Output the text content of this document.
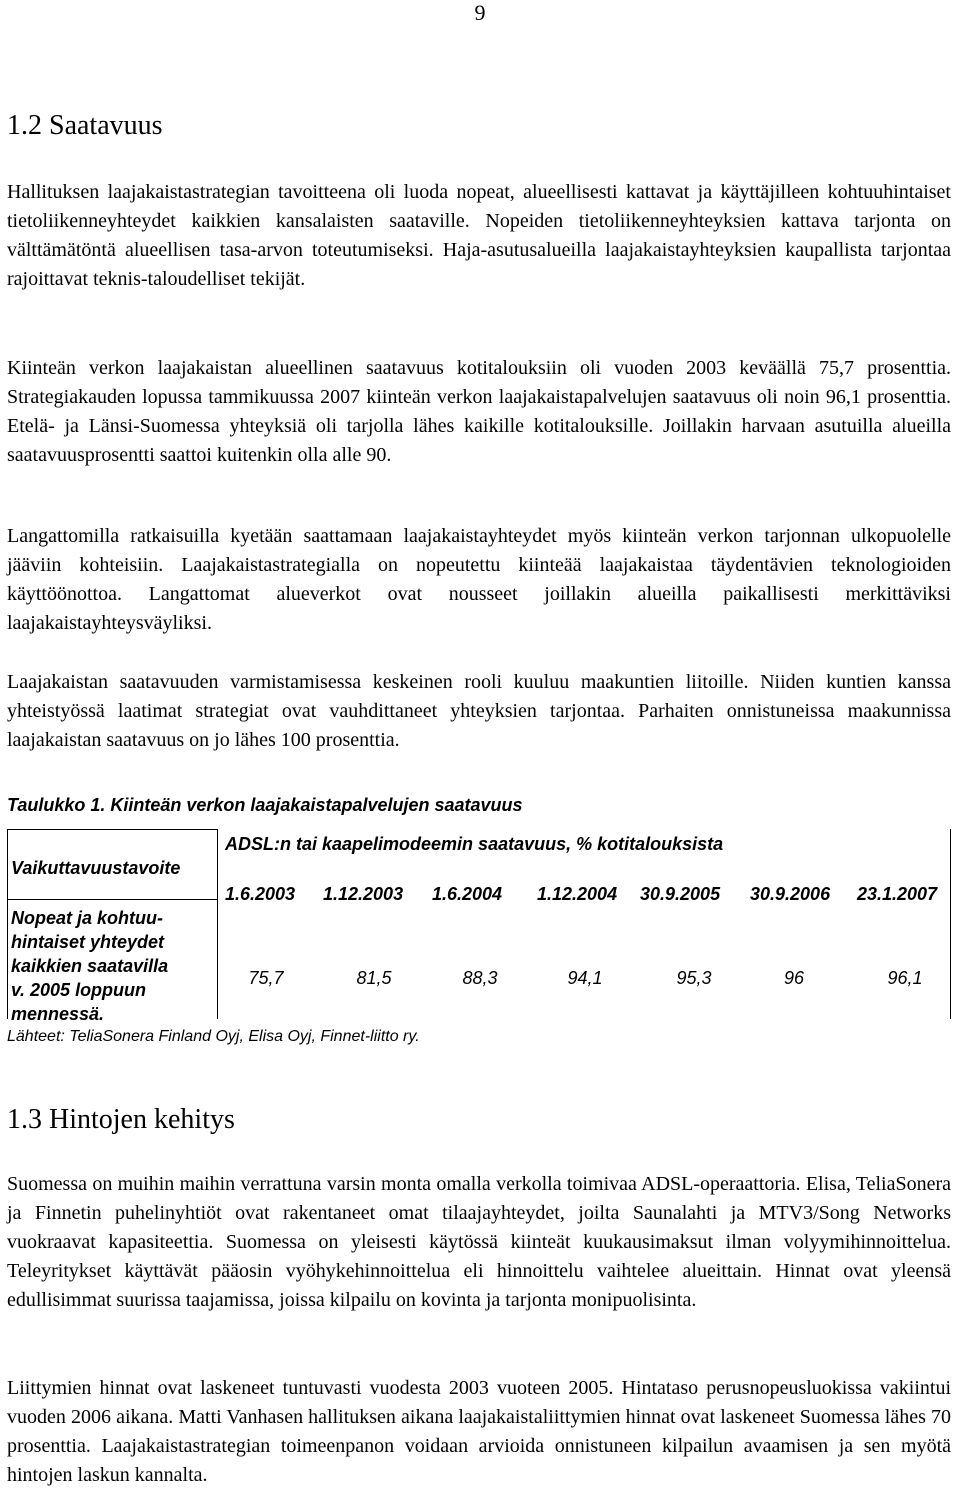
9
1.2 Saatavuus

Hallituksen laajakaistastrategian tavoitteena oli luoda nopeat, alueellisesti kattavat ja käyttäjilleen kohtuuhintaiset tietoliikenneyhteydet kaikkien kansalaisten saataville. Nopeiden tietoliikenneyhteyksien kattava tarjonta on välttämätöntä alueellisen tasa-arvon toteutumiseksi. Haja-asutusalueilla laajakaistayhteyksien kaupallista tarjontaa rajoittavat teknis-taloudelliset tekijät.

Kiinteän verkon laajakaistan alueellinen saatavuus kotitalouksiin oli vuoden 2003 keväällä 75,7 prosenttia. Strategiakauden lopussa tammikuussa 2007 kiinteän verkon laajakaistapalvelujen saatavuus oli noin 96,1 prosenttia. Etelä- ja Länsi-Suomessa yhteyksiä oli tarjolla lähes kaikille kotitalouksille. Joillakin harvaan asutuilla alueilla saatavuusprosentti saattoi kuitenkin olla alle 90.

Langattomilla ratkaisuilla kyetään saattamaan laajakaistayhteydet myös kiinteän verkon tarjonnan ulkopuolelle jääviin kohteisiin. Laajakaistastrategialla on nopeutettu kiinteää laajakaistaa täydentävien teknologioiden käyttöönottoa. Langattomat alueverkot ovat nousseet joillakin alueilla paikallisesti merkittäviksi laajakaistayhteysväyliksi.

Laajakaistan saatavuuden varmistamisessa keskeinen rooli kuuluu maakuntien liitoille. Niiden kuntien kanssa yhteistyössä laatimat strategiat ovat vauhdittaneet yhteyksien tarjontaa. Parhaiten onnistuneissa maakunnissa laajakaistan saatavuus on jo lähes 100 prosenttia.

Taulukko 1. Kiinteän verkon laajakaistapalvelujen saatavuus
Vaikuttavuustavoite
ADSL:n tai kaapelimodeemin saatavuus, % kotitalouksista
1.6.2003 1.12.2003 1.6.2004 1.12.2004 30.9.2005 30.9.2006 23.1.2007
Nopeat ja kohtuu-
hintaiset yhteydet
kaikkien saatavilla
v. 2005 loppuun
mennessä.
75,7	81,5	88,3	94,1	95,3	96	96,1
Lähteet: TeliaSonera Finland Oyj, Elisa Oyj, Finnet-liitto ry.
1.3 Hintojen kehitys

Suomessa on muihin maihin verrattuna varsin monta omalla verkolla toimivaa ADSL-operaattoria. Elisa, TeliaSonera ja Finnetin puhelinyhtiöt ovat rakentaneet omat tilaajayhteydet, joilta Saunalahti ja MTV3/Song Networks vuokraavat kapasiteettia. Suomessa on yleisesti käytössä kiinteät kuukausimaksut ilman volyymihinnoittelua. Teleyritykset käyttävät pääosin vyöhykehinnoittelua eli hinnoittelu vaihtelee alueittain. Hinnat ovat yleensä edullisimmat suurissa taajamissa, joissa kilpailu on kovinta ja tarjonta monipuolisinta.

Liittymien hinnat ovat laskeneet tuntuvasti vuodesta 2003 vuoteen 2005. Hintataso perusnopeusluokissa vakiintui vuoden 2006 aikana. Matti Vanhasen hallituksen aikana laajakaistaliittymien hinnat ovat laskeneet Suomessa lähes 70 prosenttia. Laajakaistastrategian toimeenpanon voidaan arvioida onnistuneen kilpailun avaamisen ja sen myötä hintojen laskun kannalta.
